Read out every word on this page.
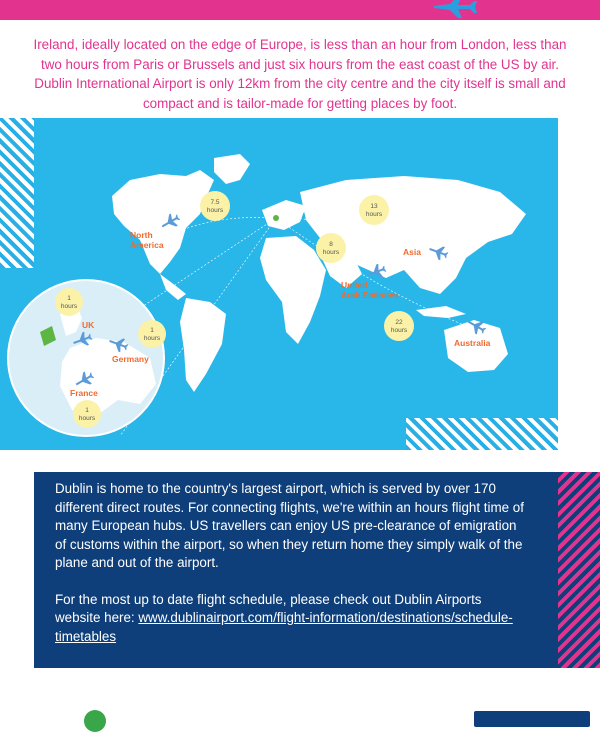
Ireland, ideally located on the edge of Europe, is less than an hour from London, less than two hours from Paris or Brussels and just six hours from the east coast of the US by air. Dublin International Airport is only 12km from the city centre and the city itself is small and compact and is tailor-made for getting places by foot.

7.5
hours
13
hours
8
hours
22
hours
1
hours
1
hours
1
hours
North
America
Asia
United
Arab Emirates
Australia
UK
Germany
France

Dublin is home to the country's largest airport, which is served by over 170 different direct routes. For connecting flights, we're within an hours flight time of many European hubs. US travellers can enjoy US pre-clearance of emigration of customs within the airport, so when they return home they simply walk of the plane and out of the airport.

For the most up to date flight schedule, please check out Dublin Airports website here: www.dublinairport.com/flight-information/destinations/schedule-timetables
